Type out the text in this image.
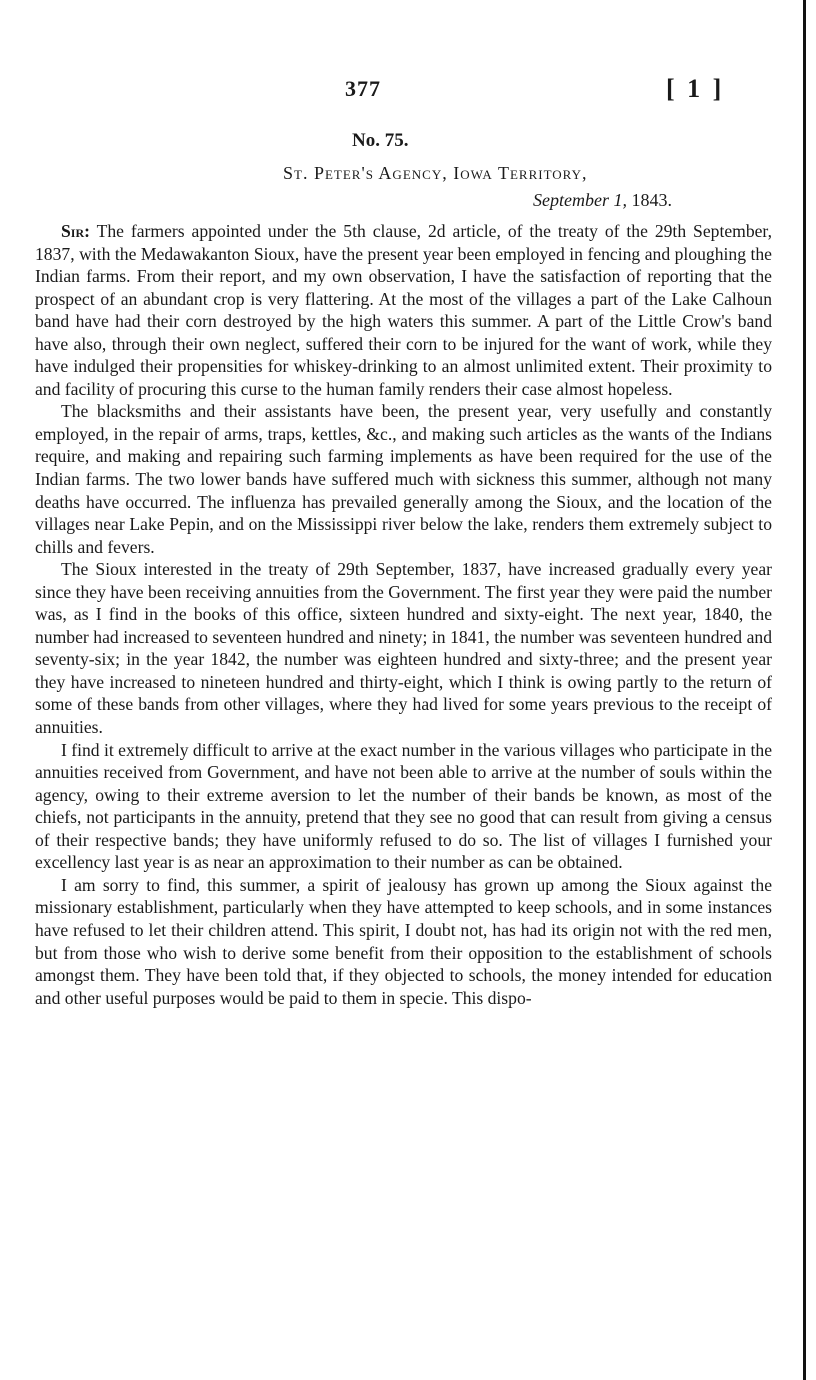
377	[ 1 ]
No. 75.
St. Peter's Agency, Iowa Territory,
September 1, 1843.

Sir: The farmers appointed under the 5th clause, 2d article, of the treaty of the 29th September, 1837, with the Medawakanton Sioux, have the present year been employed in fencing and ploughing the Indian farms. From their report, and my own observation, I have the satisfaction of reporting that the prospect of an abundant crop is very flattering. At the most of the villages a part of the Lake Calhoun band have had their corn destroyed by the high waters this summer. A part of the Little Crow's band have also, through their own neglect, suffered their corn to be injured for the want of work, while they have indulged their propensities for whiskey-drinking to an almost unlimited extent. Their proximity to and facility of procuring this curse to the human family renders their case almost hopeless.

The blacksmiths and their assistants have been, the present year, very usefully and constantly employed, in the repair of arms, traps, kettles, &c., and making such articles as the wants of the Indians require, and making and repairing such farming implements as have been required for the use of the Indian farms. The two lower bands have suffered much with sickness this summer, although not many deaths have occurred. The influenza has prevailed generally among the Sioux, and the location of the villages near Lake Pepin, and on the Mississippi river below the lake, renders them extremely subject to chills and fevers.

The Sioux interested in the treaty of 29th September, 1837, have increased gradually every year since they have been receiving annuities from the Government. The first year they were paid the number was, as I find in the books of this office, sixteen hundred and sixty-eight. The next year, 1840, the number had increased to seventeen hundred and ninety; in 1841, the number was seventeen hundred and seventy-six; in the year 1842, the number was eighteen hundred and sixty-three; and the present year they have increased to nineteen hundred and thirty-eight, which I think is owing partly to the return of some of these bands from other villages, where they had lived for some years previous to the receipt of annuities.

I find it extremely difficult to arrive at the exact number in the various villages who participate in the annuities received from Government, and have not been able to arrive at the number of souls within the agency, owing to their extreme aversion to let the number of their bands be known, as most of the chiefs, not participants in the annuity, pretend that they see no good that can result from giving a census of their respective bands; they have uniformly refused to do so. The list of villages I furnished your excellency last year is as near an approximation to their number as can be obtained.

I am sorry to find, this summer, a spirit of jealousy has grown up among the Sioux against the missionary establishment, particularly when they have attempted to keep schools, and in some instances have refused to let their children attend. This spirit, I doubt not, has had its origin not with the red men, but from those who wish to derive some benefit from their opposition to the establishment of schools amongst them. They have been told that, if they objected to schools, the money intended for education and other useful purposes would be paid to them in specie. This dispo-
